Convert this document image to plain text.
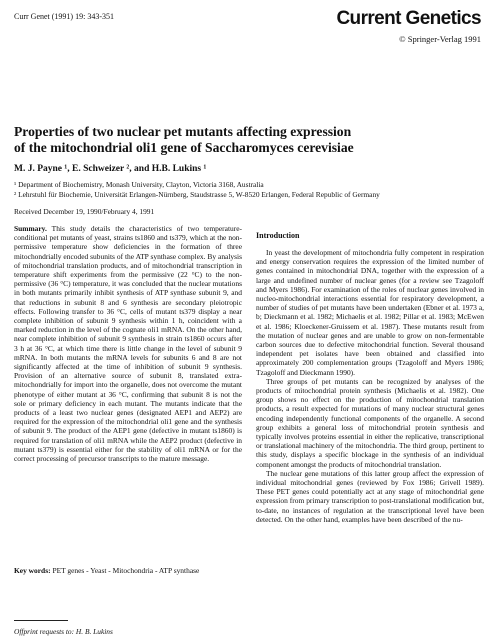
Curr Genet (1991) 19: 343-351	Current Genetics
© Springer-Verlag 1991
Properties of two nuclear pet mutants affecting expression
of the mitochondrial oli1 gene of Saccharomyces cerevisiae
M. J. Payne ¹, E. Schweizer ², and H.B. Lukins ¹
¹ Department of Biochemistry, Monash University, Clayton, Victoria 3168, Australia
² Lehrstuhl für Biochemie, Universität Erlangen-Nürnberg, Staudstrasse 5, W-8520 Erlangen, Federal Republic of Germany
Received December 19, 1990/February 4, 1991
Summary. This study details the characteristics of two temperature-conditional pet mutants of yeast, strains ts1860 and ts379, which at the non-permissive temperature show deficiencies in the formation of three mitochondrially encoded subunits of the ATP synthase complex. By analysis of mitochondrial translation products, and of mitochondrial transcription in temperature shift experiments from the permissive (22 °C) to the non-permissive (36 °C) temperature, it was concluded that the nuclear mutations in both mutants primarily inhibit synthesis of ATP synthase subunit 9, and that reductions in subunit 8 and 6 synthesis are secondary pleiotropic effects. Following transfer to 36 °C, cells of mutant ts379 display a near complete inhibition of subunit 9 synthesis within 1 h, coincident with a marked reduction in the level of the cognate oli1 mRNA. On the other hand, near complete inhibition of subunit 9 synthesis in strain ts1860 occurs after 3 h at 36 °C, at which time there is little change in the level of subunit 9 mRNA. In both mutants the mRNA levels for subunits 6 and 8 are not significantly affected at the time of inhibition of subunit 9 synthesis. Provision of an alternative source of subunit 8, translated extra-mitochondrially for import into the organelle, does not overcome the mutant phenotype of either mutant at 36 °C, confirming that subunit 8 is not the sole or primary deficiency in each mutant. The mutants indicate that the products of a least two nuclear genes (designated AEP1 and AEP2) are required for the expression of the mitochondrial oli1 gene and the synthesis of subunit 9. The product of the AEP1 gene (defective in mutant ts1860) is required for translation of oli1 mRNA while the AEP2 product (defective in mutant ts379) is essential either for the stability of oli1 mRNA or for the correct processing of precursor transcripts to the mature message.
Key words: PET genes - Yeast - Mitochondria - ATP synthase
Offprint requests to: H. B. Lukins
Introduction

In yeast the development of mitochondria fully competent in respiration and energy conservation requires the expression of the limited number of genes contained in mitochondrial DNA, together with the expression of a large and undefined number of nuclear genes (for a review see Tzagoloff and Myers 1986). For examination of the roles of nuclear genes involved in nucleo-mitochondrial interactions essential for respiratory development, a number of studies of pet mutants have been undertaken (Ebner et al. 1973 a, b; Dieckmann et al. 1982; Michaelis et al. 1982; Pillar et al. 1983; McEwen et al. 1986; Kloeckener-Gruissem et al. 1987). These mutants result from the mutation of nuclear genes and are unable to grow on non-fermentable carbon sources due to defective mitochondrial function. Several thousand independent pet isolates have been obtained and classified into approximately 200 complementation groups (Tzagoloff and Myers 1986; Tzagoloff and Dieckmann 1990).

Three groups of pet mutants can be recognized by analyses of the products of mitochondrial protein synthesis (Michaelis et al. 1982). One group shows no effect on the production of mitochondrial translation products, a result expected for mutations of many nuclear structural genes encoding independently functional components of the organelle. A second group exhibits a general loss of mitochondrial protein synthesis and typically involves proteins essential in either the replicative, transcriptional or translational machinery of the mitochondria. The third group, pertinent to this study, displays a specific blockage in the synthesis of an individual component amongst the products of mitochondrial translation.

The nuclear gene mutations of this latter group affect the expression of individual mitochondrial genes (reviewed by Fox 1986; Grivell 1989). These PET genes could potentially act at any stage of mitochondrial gene expression from primary transcription to post-translational modification but, to-date, no instances of regulation at the transcriptional level have been detected. On the other hand, examples have been described of the nu-
